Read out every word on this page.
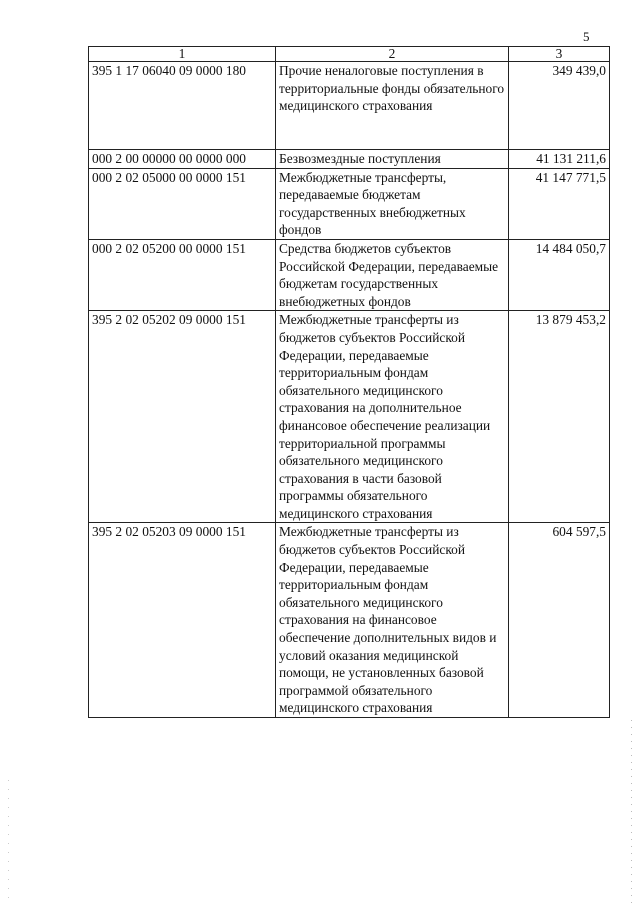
5
1	2	3
395 1 17 06040 09 0000 180	Прочие неналоговые поступления в территориальные фонды обязательного медицинского страхования	349 439,0
000 2 00 00000 00 0000 000	Безвозмездные поступления	41 131 211,6
000 2 02 05000 00 0000 151	Межбюджетные трансферты, передаваемые бюджетам государственных внебюджетных фондов	41 147 771,5
000 2 02 05200 00 0000 151	Средства бюджетов субъектов Российской Федерации, передаваемые бюджетам государственных внебюджетных фондов	14 484 050,7
395 2 02 05202 09 0000 151	Межбюджетные трансферты из бюджетов субъектов Российской Федерации, передаваемые территориальным фондам обязательного медицинского страхования на дополнительное финансовое обеспечение реализации территориальной программы обязательного медицинского страхования в части базовой программы обязательного медицинского страхования	13 879 453,2
395 2 02 05203 09 0000 151	Межбюджетные трансферты из бюджетов субъектов Российской Федерации, передаваемые территориальным фондам обязательного медицинского страхования на финансовое обеспечение дополнительных видов и условий оказания медицинской помощи, не установленных базовой программой обязательного медицинского страхования	604 597,5
